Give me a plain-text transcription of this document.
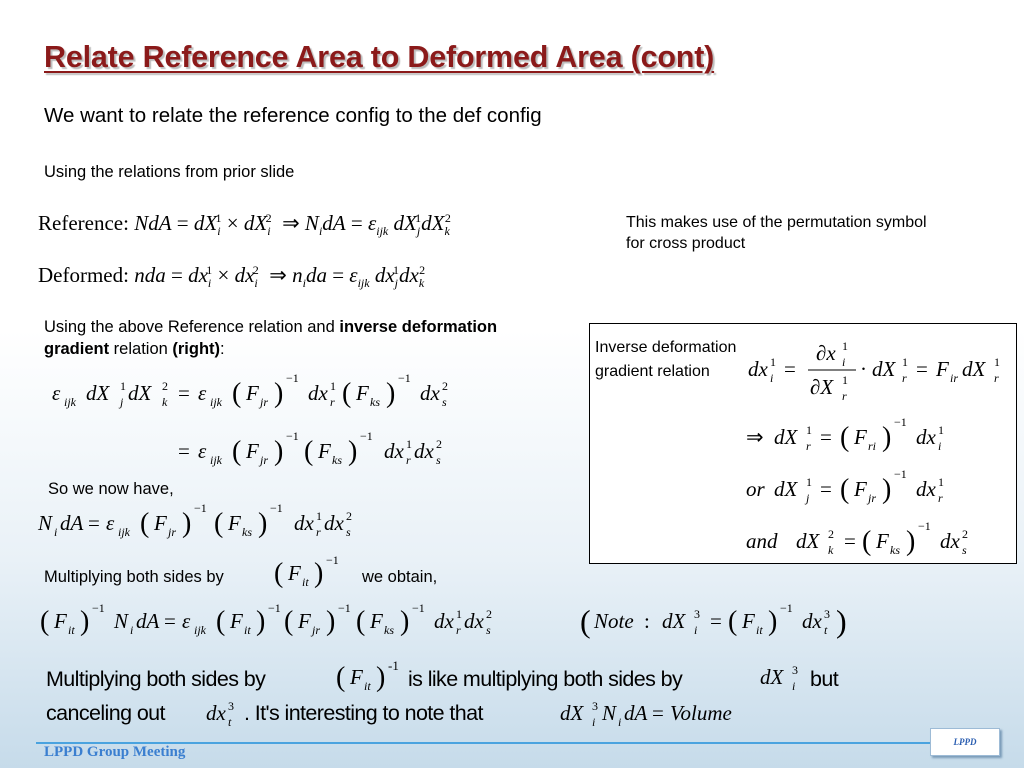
Relate Reference Area to Deformed Area (cont)
We want to relate the reference config to the def config
Using the relations from prior slide
Reference: NdA = $dX_i^1 \times dX_i^2$  ⇒ $N_idA = \varepsilon_{ijk}$ $dX_j^1dX_k^2$
Deformed: nda = $dx_i^1 \times dx_i^2$  ⇒ $n_ida = \varepsilon_{ijk}$ $dx_j^1dx_k^2$
This makes use of the permutation symbol for cross product
Using the above Reference relation and inverse deformation gradient relation (right):
ε ijk dX 1
j dX 2
k = ε ijk ( F jr ) −1
dx 1
r ( F ks ) −1
dx 2
s
= ε ijk ( F jr ) −1 ( F ks ) −1
dx 1
r dx 2
s
Inverse deformation gradient relation	dx 1
i =
∂x 1
i
∂X 1
r
· dX 1
r = F ir dX 1
r
⇒ dX 1
r = ( F ri ) −1
dx 1
i
or dX 1
j = ( F jr ) −1
dx 1
r
and dX 2
k = ( F ks ) −1
dx 2
s
So we now have,
N i dA = ε ijk ( F jr ) −1 ( F ks ) −1
dx 1
r dx 2
s
Multiplying both sides by ( F it ) −1
we obtain,
( F it ) −1
N i dA = ε ijk ( F it ) −1 ( F jr ) −1 ( F ks ) −1
dx 1
r dx 2
s	( Note : dX 3
i = ( F it ) −1
dx 3
t )
Multiplying both sides by	( F it ) -1
is like multiplying both sides by	dX 3
i but
canceling out dx 3
t . It's interesting to note that	dX 3
i N i dA = Volume
LPPD Group Meeting
LPPD
